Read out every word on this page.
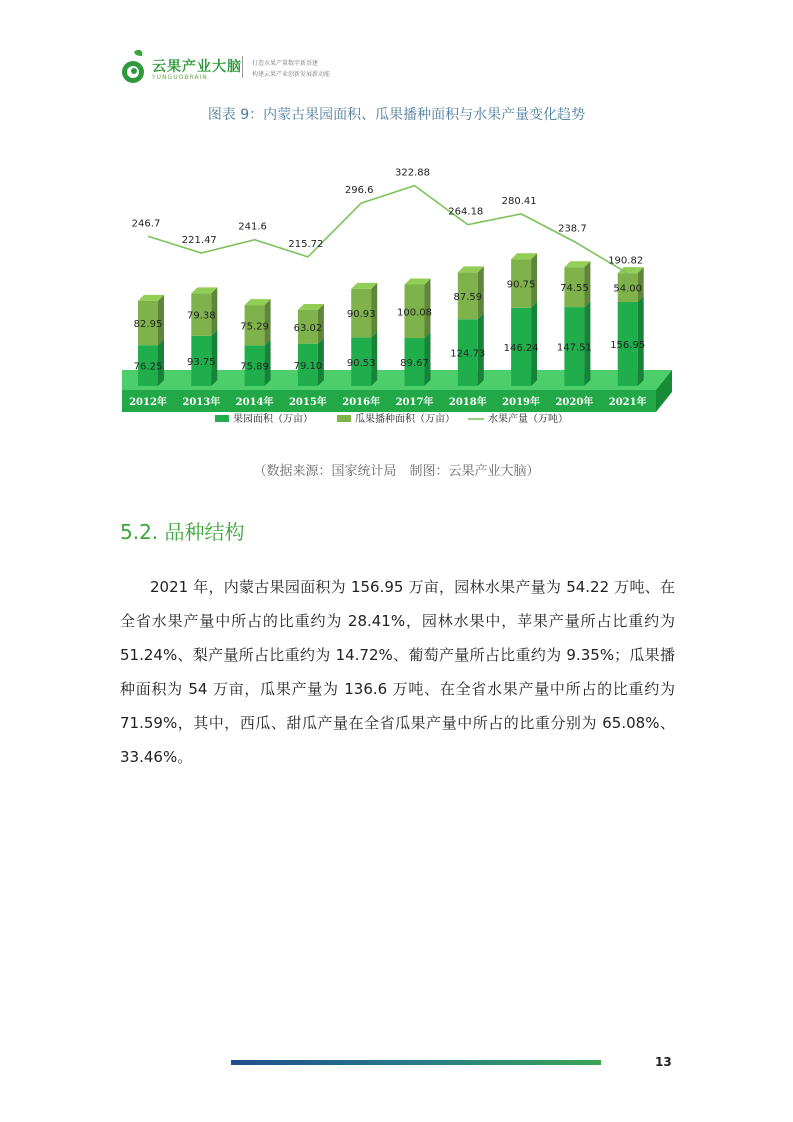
云果产业大脑
YUNGUOBRAIN
打造水果产量数字新基建
构建云果产业创新发展新动能
图表 9：内蒙古果园面积、瓜果播种面积与水果产量变化趋势
76.25
82.95
2012年
93.75
79.38
2013年
75.89
75.29
2014年
79.10
63.02
2015年
90.53
90.93
2016年
89.67
100.08
2017年
124.73
87.59
2018年
146.24
90.75
2019年
147.51
74.55
2020年
156.95
54.00
2021年
246.7
221.47
241.6
215.72
296.6
322.88
264.18
280.41
238.7
190.82
果园面积（万亩）	瓜果播种面积（万亩）	水果产量（万吨）
（数据来源：国家统计局　制图：云果产业大脑）
5.2. 品种结构

2021 年，内蒙古果园面积为 156.95 万亩，园林水果产量为 54.22 万吨、在全省水果产量中所占的比重约为 28.41%，园林水果中，苹果产量所占比重约为 51.24%、梨产量所占比重约为 14.72%、葡萄产量所占比重约为 9.35%；瓜果播种面积为 54 万亩，瓜果产量为 136.6 万吨、在全省水果产量中所占的比重约为 71.59%，其中，西瓜、甜瓜产量在全省瓜果产量中所占的比重分别为 65.08%、33.46%。

13
